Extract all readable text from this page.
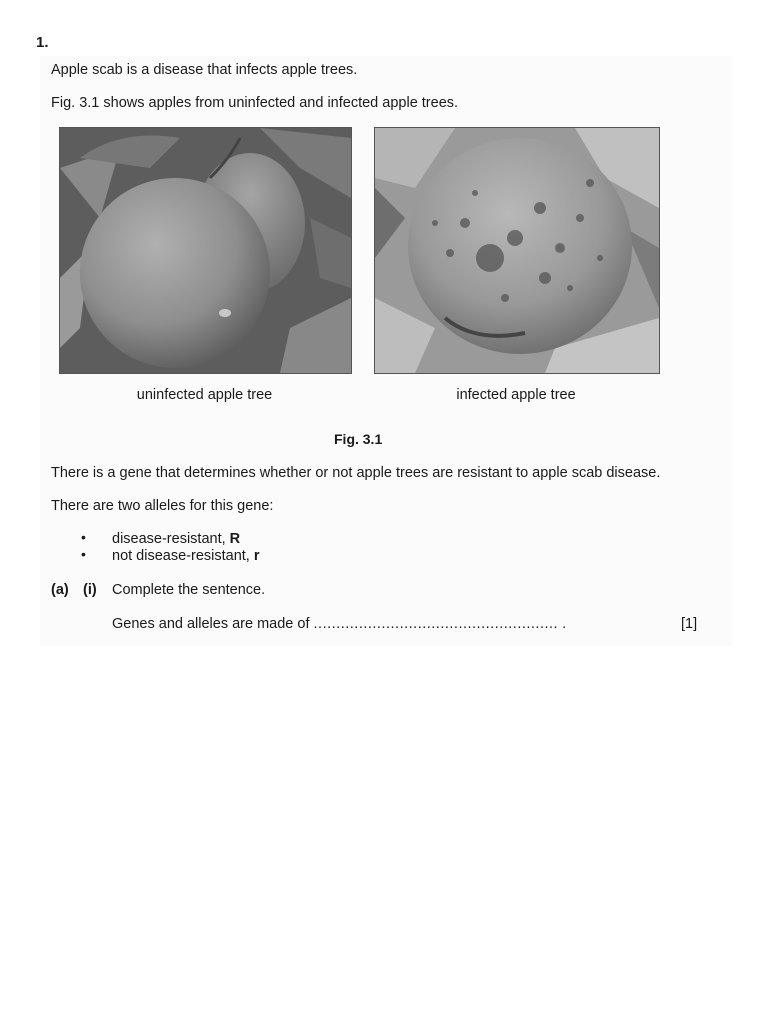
1.
Apple scab is a disease that infects apple trees.
Fig. 3.1 shows apples from uninfected and infected apple trees.
uninfected apple tree	infected apple tree
Fig. 3.1
There is a gene that determines whether or not apple trees are resistant to apple scab disease.
There are two alleles for this gene:
• disease-resistant, R
• not disease-resistant, r
(a) (i) Complete the sentence.
Genes and alleles are made of ...................................................... .	[1]
